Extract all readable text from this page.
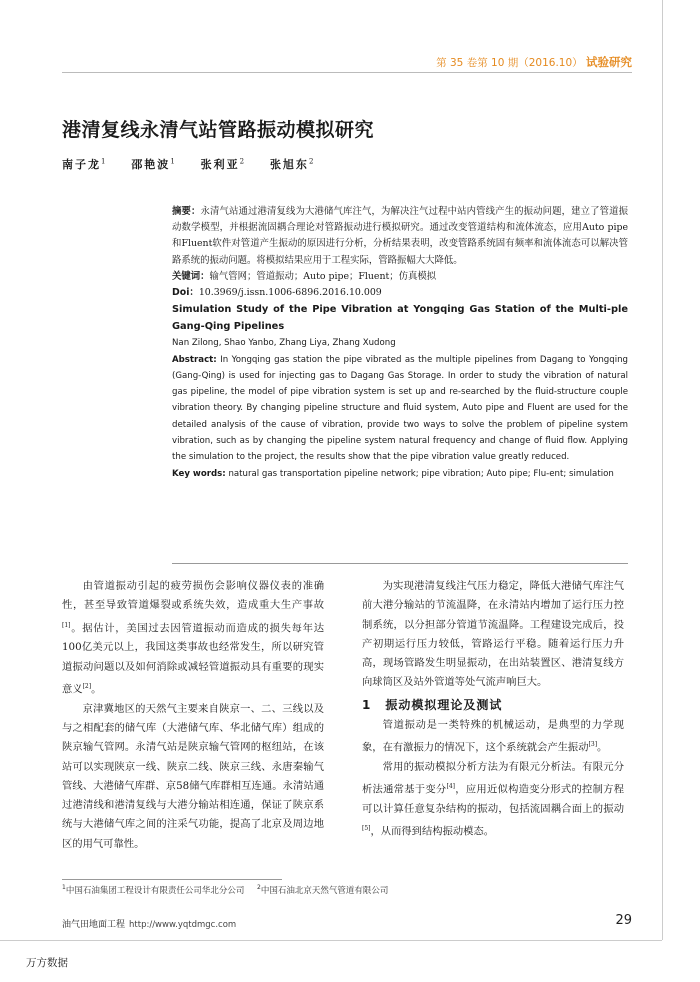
第 35 卷第 10 期（2016.10） 试验研究
港清复线永清气站管路振动模拟研究
南子龙$^1$ 邵艳波$^1$ 张利亚$^2$ 张旭东$^2$

摘要：永清气站通过港清复线为大港储气库注气，为解决注气过程中站内管线产生的振动问题，建立了管道振动数学模型，并根据流固耦合理论对管路振动进行模拟研究。通过改变管道结构和流体流态，应用Auto pipe和Fluent软件对管道产生振动的原因进行分析，分析结果表明，改变管路系统固有频率和流体流态可以解决管路系统的振动问题。将模拟结果应用于工程实际，管路振幅大大降低。

关键词：输气管网；管道振动；Auto pipe；Fluent；仿真模拟

Doi：10.3969/j.issn.1006-6896.2016.10.009

Simulation Study of the Pipe Vibration at Yongqing Gas Station of the Multi-ple Gang-Qing Pipelines

Nan Zilong, Shao Yanbo, Zhang Liya, Zhang Xudong

Abstract: In Yongqing gas station the pipe vibrated as the multiple pipelines from Dagang to Yongqing (Gang-Qing) is used for injecting gas to Dagang Gas Storage. In order to study the vibration of natural gas pipeline, the model of pipe vibration system is set up and re-searched by the fluid-structure couple vibration theory. By changing pipeline structure and fluid system, Auto pipe and Fluent are used for the detailed analysis of the cause of vibration, provide two ways to solve the problem of pipeline system vibration, such as by changing the pipeline system natural frequency and change of fluid flow. Applying the simulation to the project, the results show that the pipe vibration value greatly reduced.

Key words: natural gas transportation pipeline network; pipe vibration; Auto pipe; Flu-ent; simulation

由管道振动引起的疲劳损伤会影响仪器仪表的准确性，甚至导致管道爆裂或系统失效，造成重大生产事故[1]。据估计，美国过去因管道振动而造成的损失每年达100亿美元以上，我国这类事故也经常发生，所以研究管道振动问题以及如何消除或减轻管道振动具有重要的现实意义[2]。

京津冀地区的天然气主要来自陕京一、二、三线以及与之相配套的储气库（大港储气库、华北储气库）组成的陕京输气管网。永清气站是陕京输气管网的枢纽站，在该站可以实现陕京一线、陕京二线、陕京三线、永唐秦输气管线、大港储气库群、京58储气库群相互连通。永清站通过港清线和港清复线与大港分输站相连通，保证了陕京系统与大港储气库之间的注采气功能，提高了北京及周边地区的用气可靠性。

为实现港清复线注气压力稳定，降低大港储气库注气前大港分输站的节流温降，在永清站内增加了运行压力控制系统，以分担部分管道节流温降。工程建设完成后，投产初期运行压力较低，管路运行平稳。随着运行压力升高，现场管路发生明显振动，在出站装置区、港清复线方向球筒区及站外管道等处气流声响巨大。

1 振动模拟理论及测试

管道振动是一类特殊的机械运动，是典型的力学现象，在有激振力的情况下，这个系统就会产生振动[3]。

常用的振动模拟分析方法为有限元分析法。有限元分析法通常基于变分[4]，应用近似构造变分形式的控制方程可以计算任意复杂结构的振动，包括流固耦合面上的振动[5]，从而得到结构振动模态。

$^1$中国石油集团工程设计有限责任公司华北分公司 $^2$中国石油北京天然气管道有限公司
油气田地面工程 http://www.yqtdmgc.com	29
万方数据
